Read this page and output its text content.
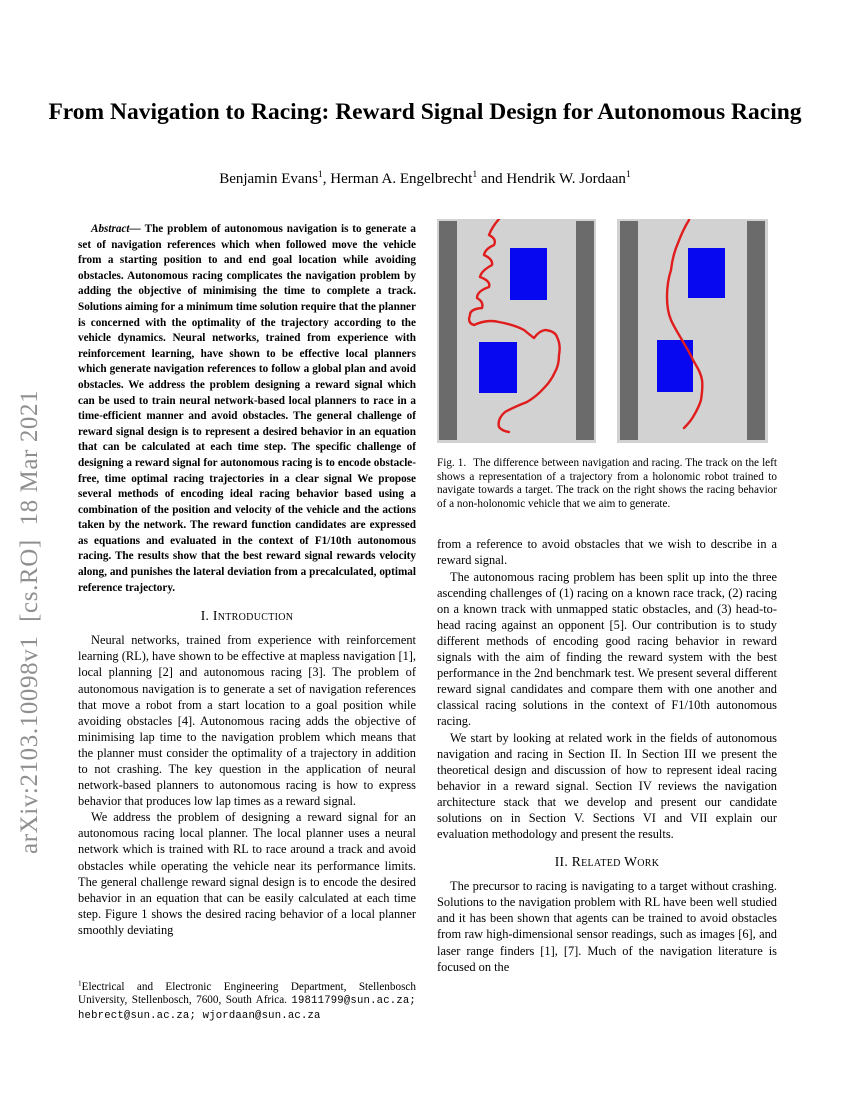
arXiv:2103.10098v1  [cs.RO]  18 Mar 2021
From Navigation to Racing: Reward Signal Design for Autonomous Racing
Benjamin Evans$^1$, Herman A. Engelbrecht$^1$ and Hendrik W. Jordaan$^1$

Abstract— The problem of autonomous navigation is to generate a set of navigation references which when followed move the vehicle from a starting position to and end goal location while avoiding obstacles. Autonomous racing complicates the navigation problem by adding the objective of minimising the time to complete a track. Solutions aiming for a minimum time solution require that the planner is concerned with the optimality of the trajectory according to the vehicle dynamics. Neural networks, trained from experience with reinforcement learning, have shown to be effective local planners which generate navigation references to follow a global plan and avoid obstacles. We address the problem designing a reward signal which can be used to train neural network-based local planners to race in a time-efficient manner and avoid obstacles. The general challenge of reward signal design is to represent a desired behavior in an equation that can be calculated at each time step. The specific challenge of designing a reward signal for autonomous racing is to encode obstacle-free, time optimal racing trajectories in a clear signal We propose several methods of encoding ideal racing behavior based using a combination of the position and velocity of the vehicle and the actions taken by the network. The reward function candidates are expressed as equations and evaluated in the context of F1/10th autonomous racing. The results show that the best reward signal rewards velocity along, and punishes the lateral deviation from a precalculated, optimal reference trajectory.

I. Introduction

Neural networks, trained from experience with reinforcement learning (RL), have shown to be effective at mapless navigation [1], local planning [2] and autonomous racing [3]. The problem of autonomous navigation is to generate a set of navigation references that move a robot from a start location to a goal position while avoiding obstacles [4]. Autonomous racing adds the objective of minimising lap time to the navigation problem which means that the planner must consider the optimality of a trajectory in addition to not crashing. The key question in the application of neural network-based planners to autonomous racing is how to express behavior that produces low lap times as a reward signal.

We address the problem of designing a reward signal for an autonomous racing local planner. The local planner uses a neural network which is trained with RL to race around a track and avoid obstacles while operating the vehicle near its performance limits. The general challenge reward signal design is to encode the desired behavior in an equation that can be easily calculated at each time step. Figure 1 shows the desired racing behavior of a local planner smoothly deviating

$^1$Electrical and Electronic Engineering Department, Stellenbosch University, Stellenbosch, 7600, South Africa. 19811799@sun.ac.za; hebrect@sun.ac.za; wjordaan@sun.ac.za

Fig. 1. The difference between navigation and racing. The track on the left shows a representation of a trajectory from a holonomic robot trained to navigate towards a target. The track on the right shows the racing behavior of a non-holonomic vehicle that we aim to generate.

from a reference to avoid obstacles that we wish to describe in a reward signal.

The autonomous racing problem has been split up into the three ascending challenges of (1) racing on a known race track, (2) racing on a known track with unmapped static obstacles, and (3) head-to-head racing against an opponent [5]. Our contribution is to study different methods of encoding good racing behavior in reward signals with the aim of finding the reward system with the best performance in the 2nd benchmark test. We present several different reward signal candidates and compare them with one another and classical racing solutions in the context of F1/10th autonomous racing.

We start by looking at related work in the fields of autonomous navigation and racing in Section II. In Section III we present the theoretical design and discussion of how to represent ideal racing behavior in a reward signal. Section IV reviews the navigation architecture stack that we develop and present our candidate solutions on in Section V. Sections VI and VII explain our evaluation methodology and present the results.

II. Related Work

The precursor to racing is navigating to a target without crashing. Solutions to the navigation problem with RL have been well studied and it has been shown that agents can be trained to avoid obstacles from raw high-dimensional sensor readings, such as images [6], and laser range finders [1], [7]. Much of the navigation literature is focused on the
